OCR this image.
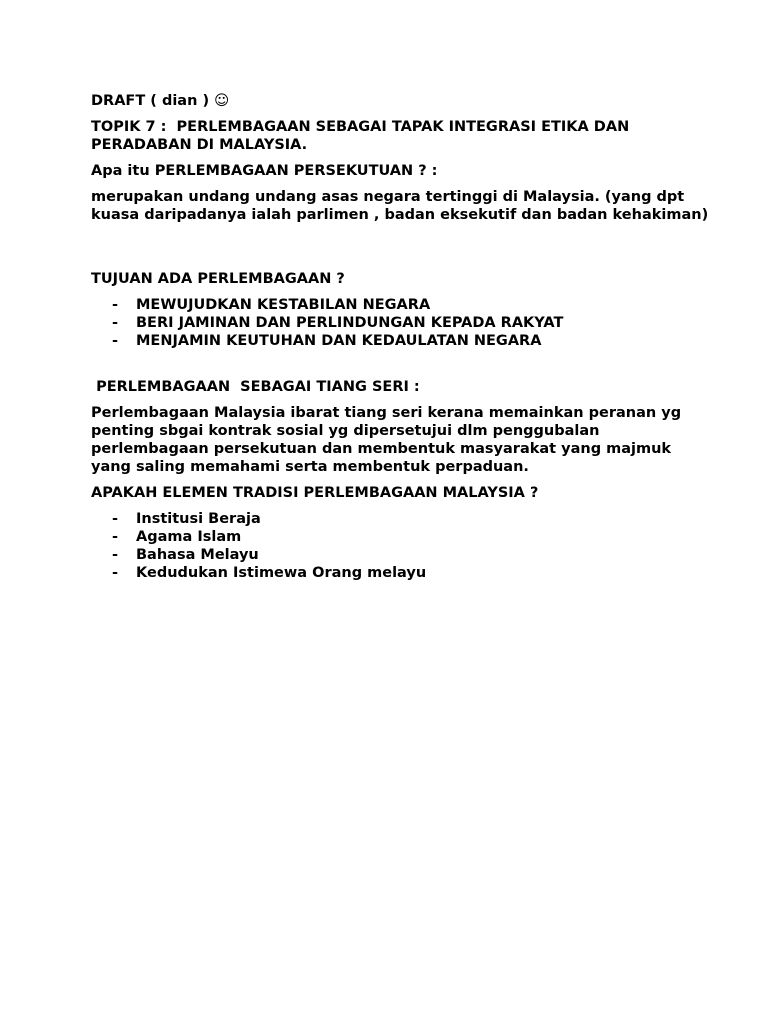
DRAFT ( dian ) ☺

TOPIK 7 :  PERLEMBAGAAN SEBAGAI TAPAK INTEGRASI ETIKA DAN PERADABAN DI MALAYSIA.

Apa itu PERLEMBAGAAN PERSEKUTUAN ? :

merupakan undang undang asas negara tertinggi di Malaysia. (yang dpt kuasa daripadanya ialah parlimen , badan eksekutif dan badan kehakiman)

TUJUAN ADA PERLEMBAGAAN ?

- MEWUJUDKAN KESTABILAN NEGARA
- BERI JAMINAN DAN PERLINDUNGAN KEPADA RAKYAT
- MENJAMIN KEUTUHAN DAN KEDAULATAN NEGARA

PERLEMBAGAAN  SEBAGAI TIANG SERI :

Perlembagaan Malaysia ibarat tiang seri kerana memainkan peranan yg penting sbgai kontrak sosial yg dipersetujui dlm penggubalan perlembagaan persekutuan dan membentuk masyarakat yang majmuk yang saling memahami serta membentuk perpaduan.

APAKAH ELEMEN TRADISI PERLEMBAGAAN MALAYSIA ?

- Institusi Beraja
- Agama Islam
- Bahasa Melayu
- Kedudukan Istimewa Orang melayu
